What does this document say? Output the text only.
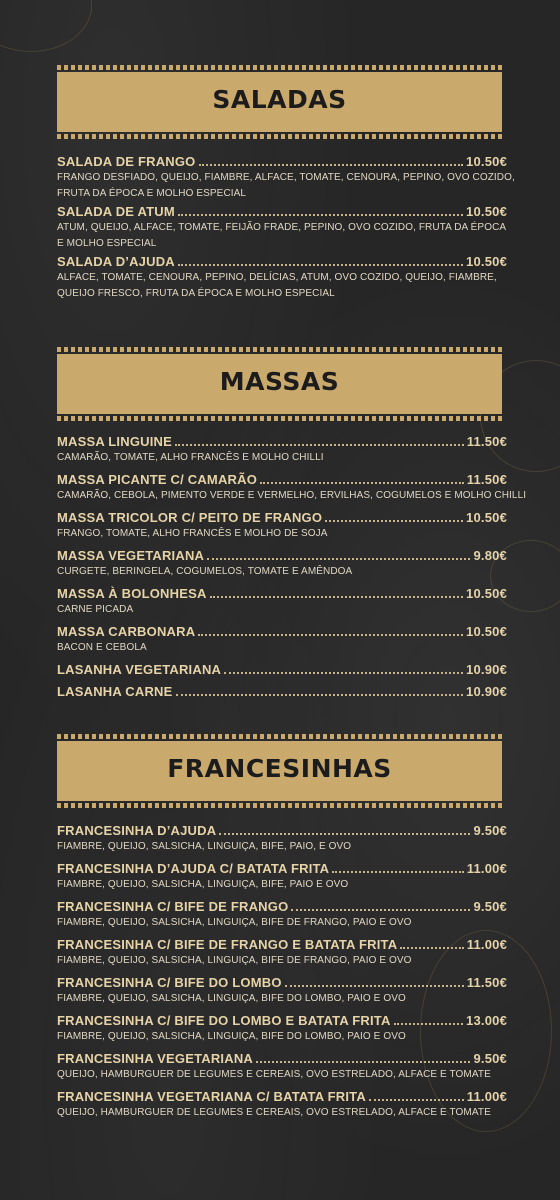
SALADAS
SALADA DE FRANGO	10.50€
FRANGO DESFIADO, QUEIJO, FIAMBRE, ALFACE, TOMATE, CENOURA, PEPINO, OVO COZIDO,
FRUTA DA ÉPOCA E MOLHO ESPECIAL
SALADA DE ATUM	10.50€
ATUM, QUEIJO, ALFACE, TOMATE, FEIJÃO FRADE, PEPINO, OVO COZIDO, FRUTA DA ÉPOCA
E MOLHO ESPECIAL
SALADA D’AJUDA	10.50€
ALFACE, TOMATE, CENOURA, PEPINO, DELÍCIAS, ATUM, OVO COZIDO, QUEIJO, FIAMBRE,
QUEIJO FRESCO, FRUTA DA ÉPOCA E MOLHO ESPECIAL
MASSAS
MASSA LINGUINE	11.50€
CAMARÃO, TOMATE, ALHO FRANCÊS E MOLHO CHILLI
MASSA PICANTE C/ CAMARÃO	11.50€
CAMARÃO, CEBOLA, PIMENTO VERDE E VERMELHO, ERVILHAS, COGUMELOS E MOLHO CHILLI
MASSA TRICOLOR C/ PEITO DE FRANGO	10.50€
FRANGO, TOMATE, ALHO FRANCÊS E MOLHO DE SOJA
MASSA VEGETARIANA	9.80€
CURGETE, BERINGELA, COGUMELOS, TOMATE E AMÊNDOA
MASSA À BOLONHESA	10.50€
CARNE PICADA
MASSA CARBONARA	10.50€
BACON E CEBOLA
LASANHA VEGETARIANA	10.90€
LASANHA CARNE	10.90€
FRANCESINHAS
FRANCESINHA D’AJUDA	9.50€
FIAMBRE, QUEIJO, SALSICHA, LINGUIÇA, BIFE, PAIO, E OVO
FRANCESINHA D’AJUDA C/ BATATA FRITA	11.00€
FIAMBRE, QUEIJO, SALSICHA, LINGUIÇA, BIFE, PAIO E OVO
FRANCESINHA C/ BIFE DE FRANGO	9.50€
FIAMBRE, QUEIJO, SALSICHA, LINGUIÇA, BIFE DE FRANGO, PAIO E OVO
FRANCESINHA C/ BIFE DE FRANGO E BATATA FRITA	11.00€
FIAMBRE, QUEIJO, SALSICHA, LINGUIÇA, BIFE DE FRANGO, PAIO E OVO
FRANCESINHA C/ BIFE DO LOMBO	11.50€
FIAMBRE, QUEIJO, SALSICHA, LINGUIÇA, BIFE DO LOMBO, PAIO E OVO
FRANCESINHA C/ BIFE DO LOMBO E BATATA FRITA	13.00€
FIAMBRE, QUEIJO, SALSICHA, LINGUIÇA, BIFE DO LOMBO, PAIO E OVO
FRANCESINHA VEGETARIANA	9.50€
QUEIJO, HAMBURGUER DE LEGUMES E CEREAIS, OVO ESTRELADO, ALFACE E TOMATE
FRANCESINHA VEGETARIANA C/ BATATA FRITA	11.00€
QUEIJO, HAMBURGUER DE LEGUMES E CEREAIS, OVO ESTRELADO, ALFACE E TOMATE
